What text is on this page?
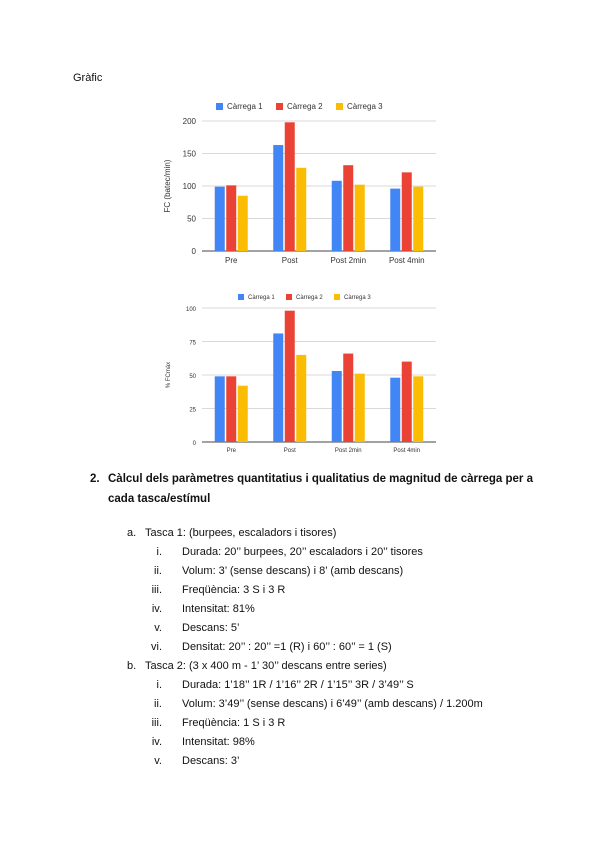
Gràfic
Càrrega 1	Càrrega 2	Càrrega 3
200
150
100
50
0
FC (batec/min)
Pre	Post	Post 2min	Post 4min
Càrrega 1	Càrrega 2	Càrrega 3
100
75
50
25
0
% FCmàx
Pre	Post	Post 2min	Post 4min
2. Càlcul dels paràmetres quantitatius i qualitatius de magnitud de càrrega per a cada tasca/estímul
a. Tasca 1: (burpees, escaladors i tisores)
i. Durada: 20’’ burpees, 20’’ escaladors i 20’’ tisores
ii. Volum: 3’ (sense descans) i 8’ (amb descans)
iii. Freqüència: 3 S i 3 R
iv. Intensitat: 81%
v. Descans: 5’
vi. Densitat: 20’’ : 20’’ =1 (R) i 60’’ : 60’’ = 1 (S)
b. Tasca 2: (3 x 400 m - 1’ 30’’ descans entre series)
i. Durada: 1’18’’ 1R / 1’16’’ 2R / 1’15’’ 3R / 3’49’’ S
ii. Volum: 3’49’’ (sense descans) i 6’49’’ (amb descans) / 1.200m
iii. Freqüència: 1 S i 3 R
iv. Intensitat: 98%
v. Descans: 3’
